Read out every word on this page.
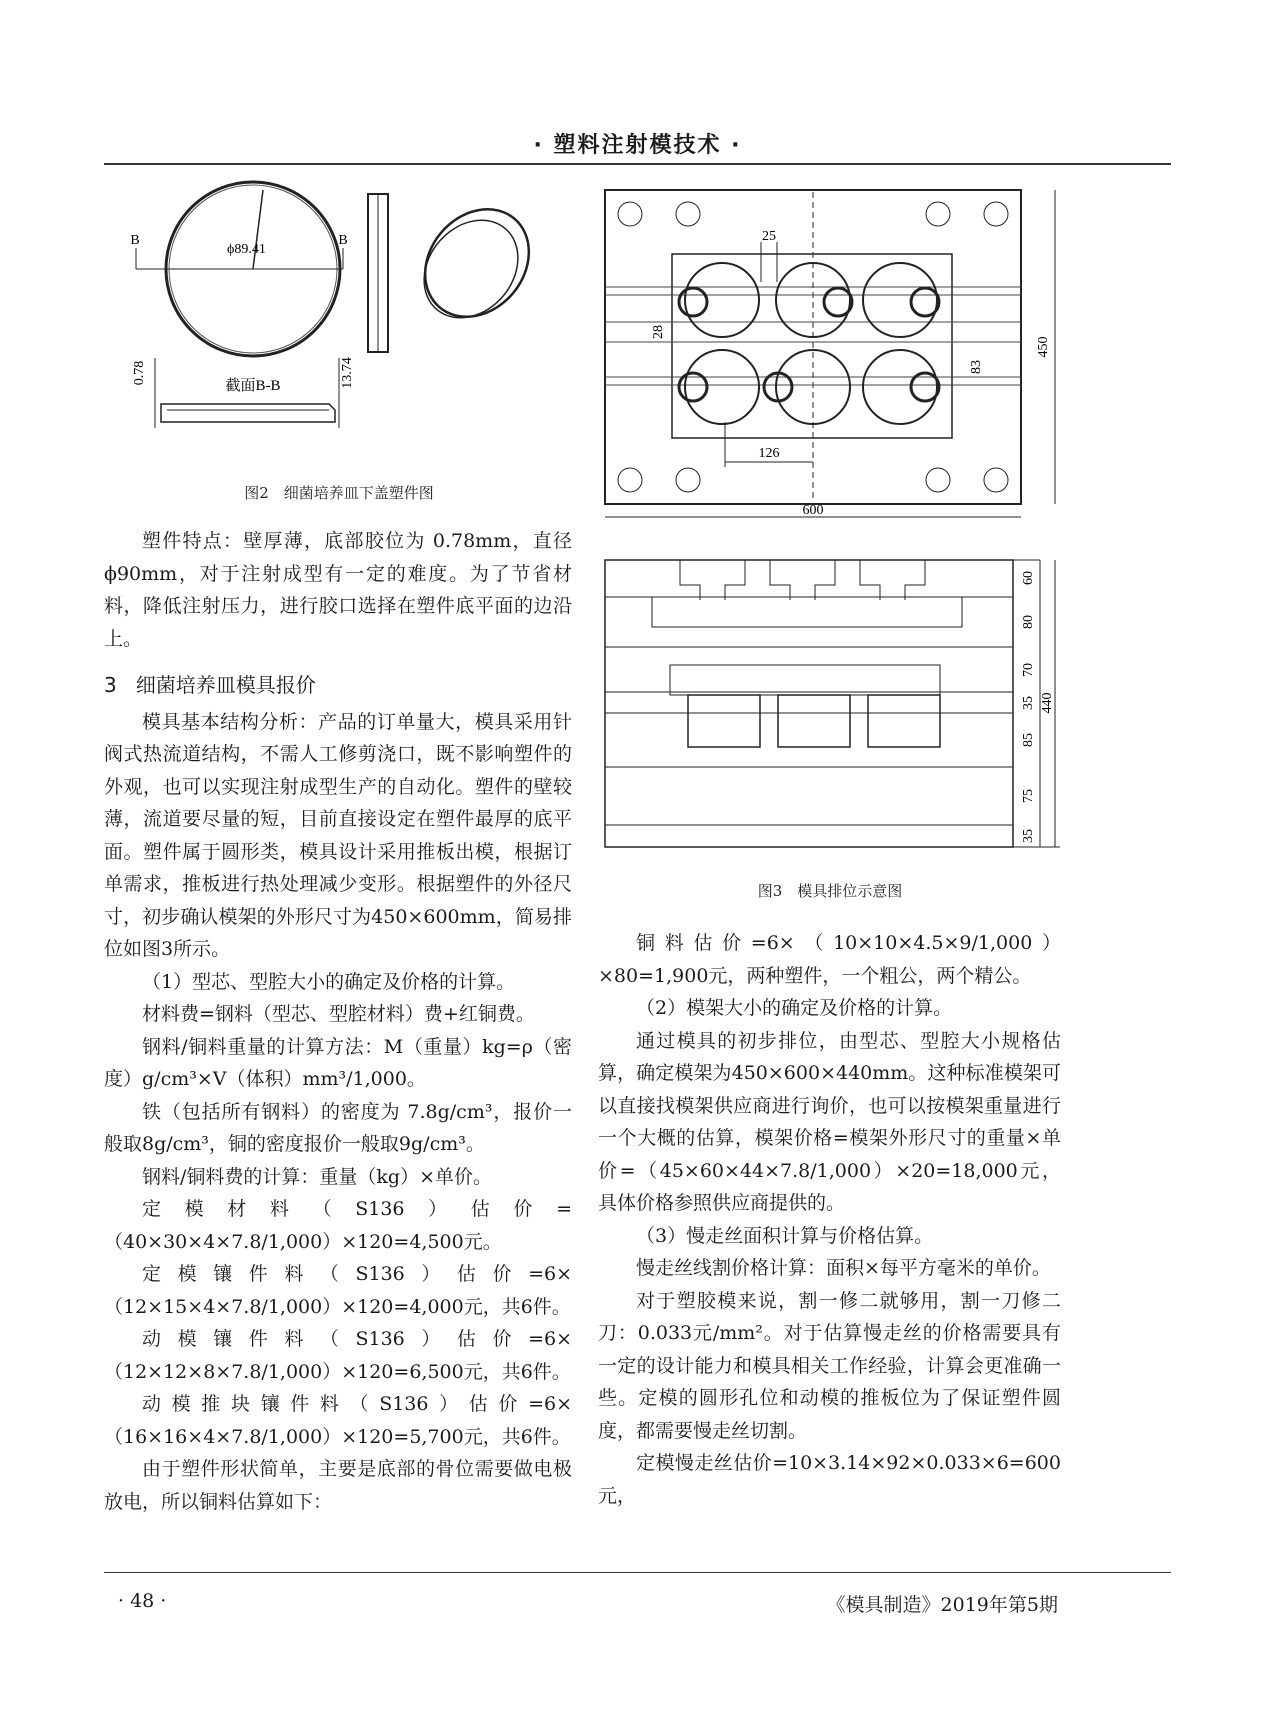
· 塑料注射模技术 ·
B	B
ϕ89.41
0.78	13.74
截面B-B
图2　细菌培养皿下盖塑件图
25
28
83
126
450
600
60
80
70
35
85
75
35
440
图3　模具排位示意图

塑件特点：壁厚薄，底部胶位为 0.78mm，直径ϕ90mm，对于注射成型有一定的难度。为了节省材料，降低注射压力，进行胶口选择在塑件底平面的边沿上。

3 细菌培养皿模具报价

模具基本结构分析：产品的订单量大，模具采用针阀式热流道结构，不需人工修剪浇口，既不影响塑件的外观，也可以实现注射成型生产的自动化。塑件的壁较薄，流道要尽量的短，目前直接设定在塑件最厚的底平面。塑件属于圆形类，模具设计采用推板出模，根据订单需求，推板进行热处理减少变形。根据塑件的外径尺寸，初步确认模架的外形尺寸为450×600mm，简易排位如图3所示。

（1）型芯、型腔大小的确定及价格的计算。

材料费=钢料（型芯、型腔材料）费+红铜费。

钢料/铜料重量的计算方法：M（重量）kg=ρ（密度）g/cm³×V（体积）mm³/1,000。

铁（包括所有钢料）的密度为 7.8g/cm³，报价一般取8g/cm³，铜的密度报价一般取9g/cm³。

钢料/铜料费的计算：重量（kg）×单价。

定模材料（S136）估价=（40×30×4×7.8/1,000）×120=4,500元。

定模镶件料（S136）估价=6×（12×15×4×7.8/1,000）×120=4,000元，共6件。

动模镶件料（S136）估价=6×（12×12×8×7.8/1,000）×120=6,500元，共6件。

动模推块镶件料（S136）估价=6×（16×16×4×7.8/1,000）×120=5,700元，共6件。

由于塑件形状简单，主要是底部的骨位需要做电极放电，所以铜料估算如下：

铜料估价=6×（10×10×4.5×9/1,000）×80=1,900元，两种塑件，一个粗公，两个精公。

（2）模架大小的确定及价格的计算。

通过模具的初步排位，由型芯、型腔大小规格估算，确定模架为450×600×440mm。这种标准模架可以直接找模架供应商进行询价，也可以按模架重量进行一个大概的估算，模架价格=模架外形尺寸的重量×单价=（45×60×44×7.8/1,000）×20=18,000元，具体价格参照供应商提供的。

（3）慢走丝面积计算与价格估算。

慢走丝线割价格计算：面积×每平方毫米的单价。

对于塑胶模来说，割一修二就够用，割一刀修二刀：0.033元/mm²。对于估算慢走丝的价格需要具有一定的设计能力和模具相关工作经验，计算会更准确一些。定模的圆形孔位和动模的推板位为了保证塑件圆度，都需要慢走丝切割。

定模慢走丝估价=10×3.14×92×0.033×6=600元，

· 48 ·	《模具制造》2019年第5期
